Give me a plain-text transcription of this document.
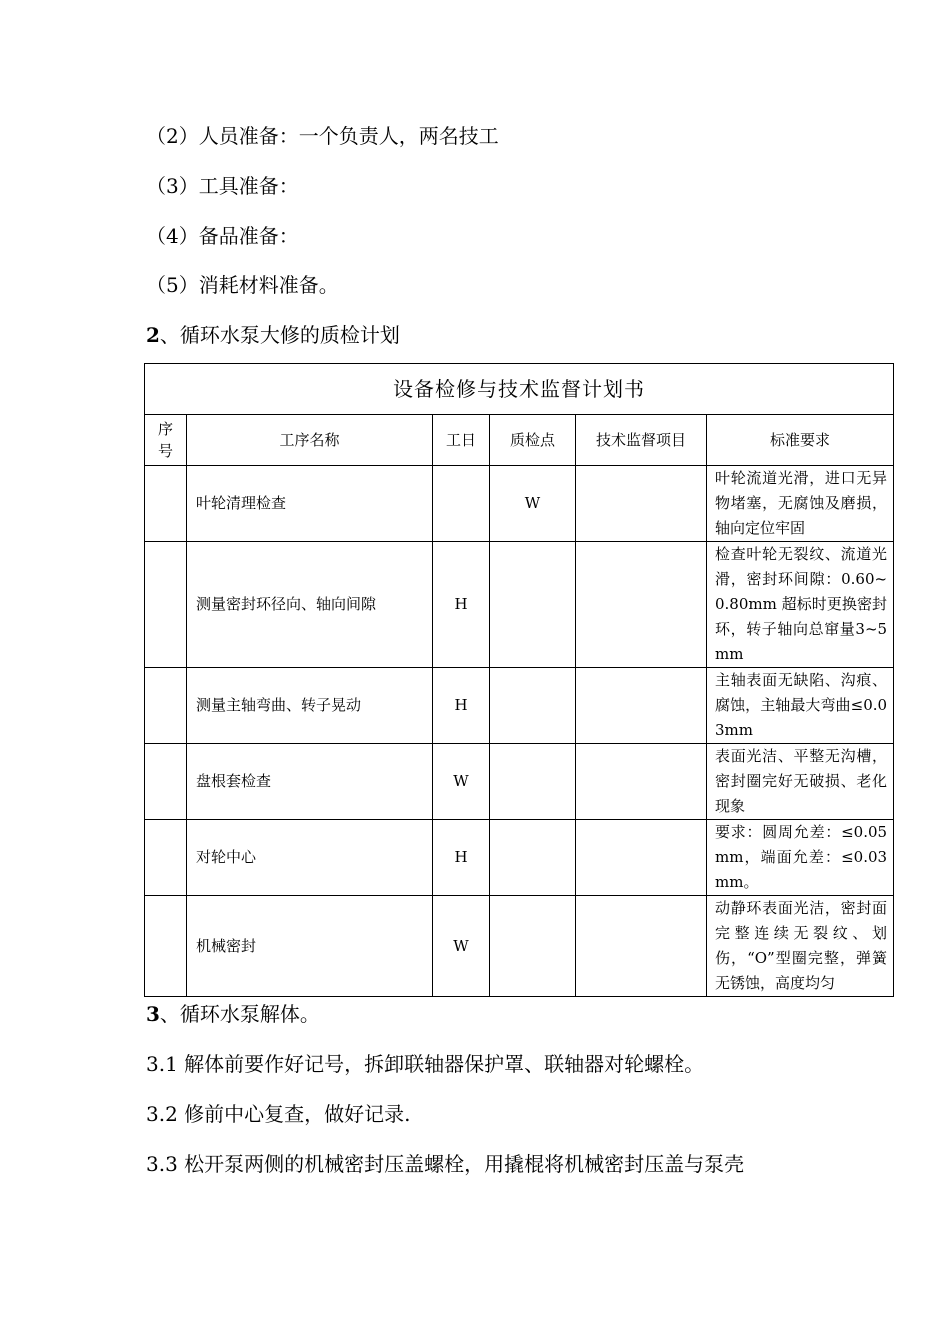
（2）人员准备：一个负责人，两名技工
（3）工具准备：
（4）备品准备：
（5）消耗材料准备。
2、循环水泵大修的质检计划
设备检修与技术监督计划书					
序
号	工序名称	工日	质检点	技术监督项目	标准要求
	叶轮清理检查		W		叶轮流道光滑，进口无异物堵塞，无腐蚀及磨损，轴向定位牢固
	测量密封环径向、轴向间隙	H			检查叶轮无裂纹、流道光滑，密封环间隙：0.60~0.80mm 超标时更换密封环，转子轴向总窜量3~5mm
	测量主轴弯曲、转子晃动	H			主轴表面无缺陷、沟痕、腐蚀，主轴最大弯曲≤0.03mm
	盘根套检查	W			表面光洁、平整无沟槽，密封圈完好无破损、老化现象
	对轮中心	H			要求：圆周允差：≤0.05mm，端面允差：≤0.03mm。
	机械密封	W			动静环表面光洁，密封面完整连续无裂纹、划伤，“O”型圈完整，弹簧无锈蚀，高度均匀
3、循环水泵解体。
3.1 解体前要作好记号，拆卸联轴器保护罩、联轴器对轮螺栓。
3.2 修前中心复查，做好记录.
3.3 松开泵两侧的机械密封压盖螺栓，用撬棍将机械密封压盖与泵壳
